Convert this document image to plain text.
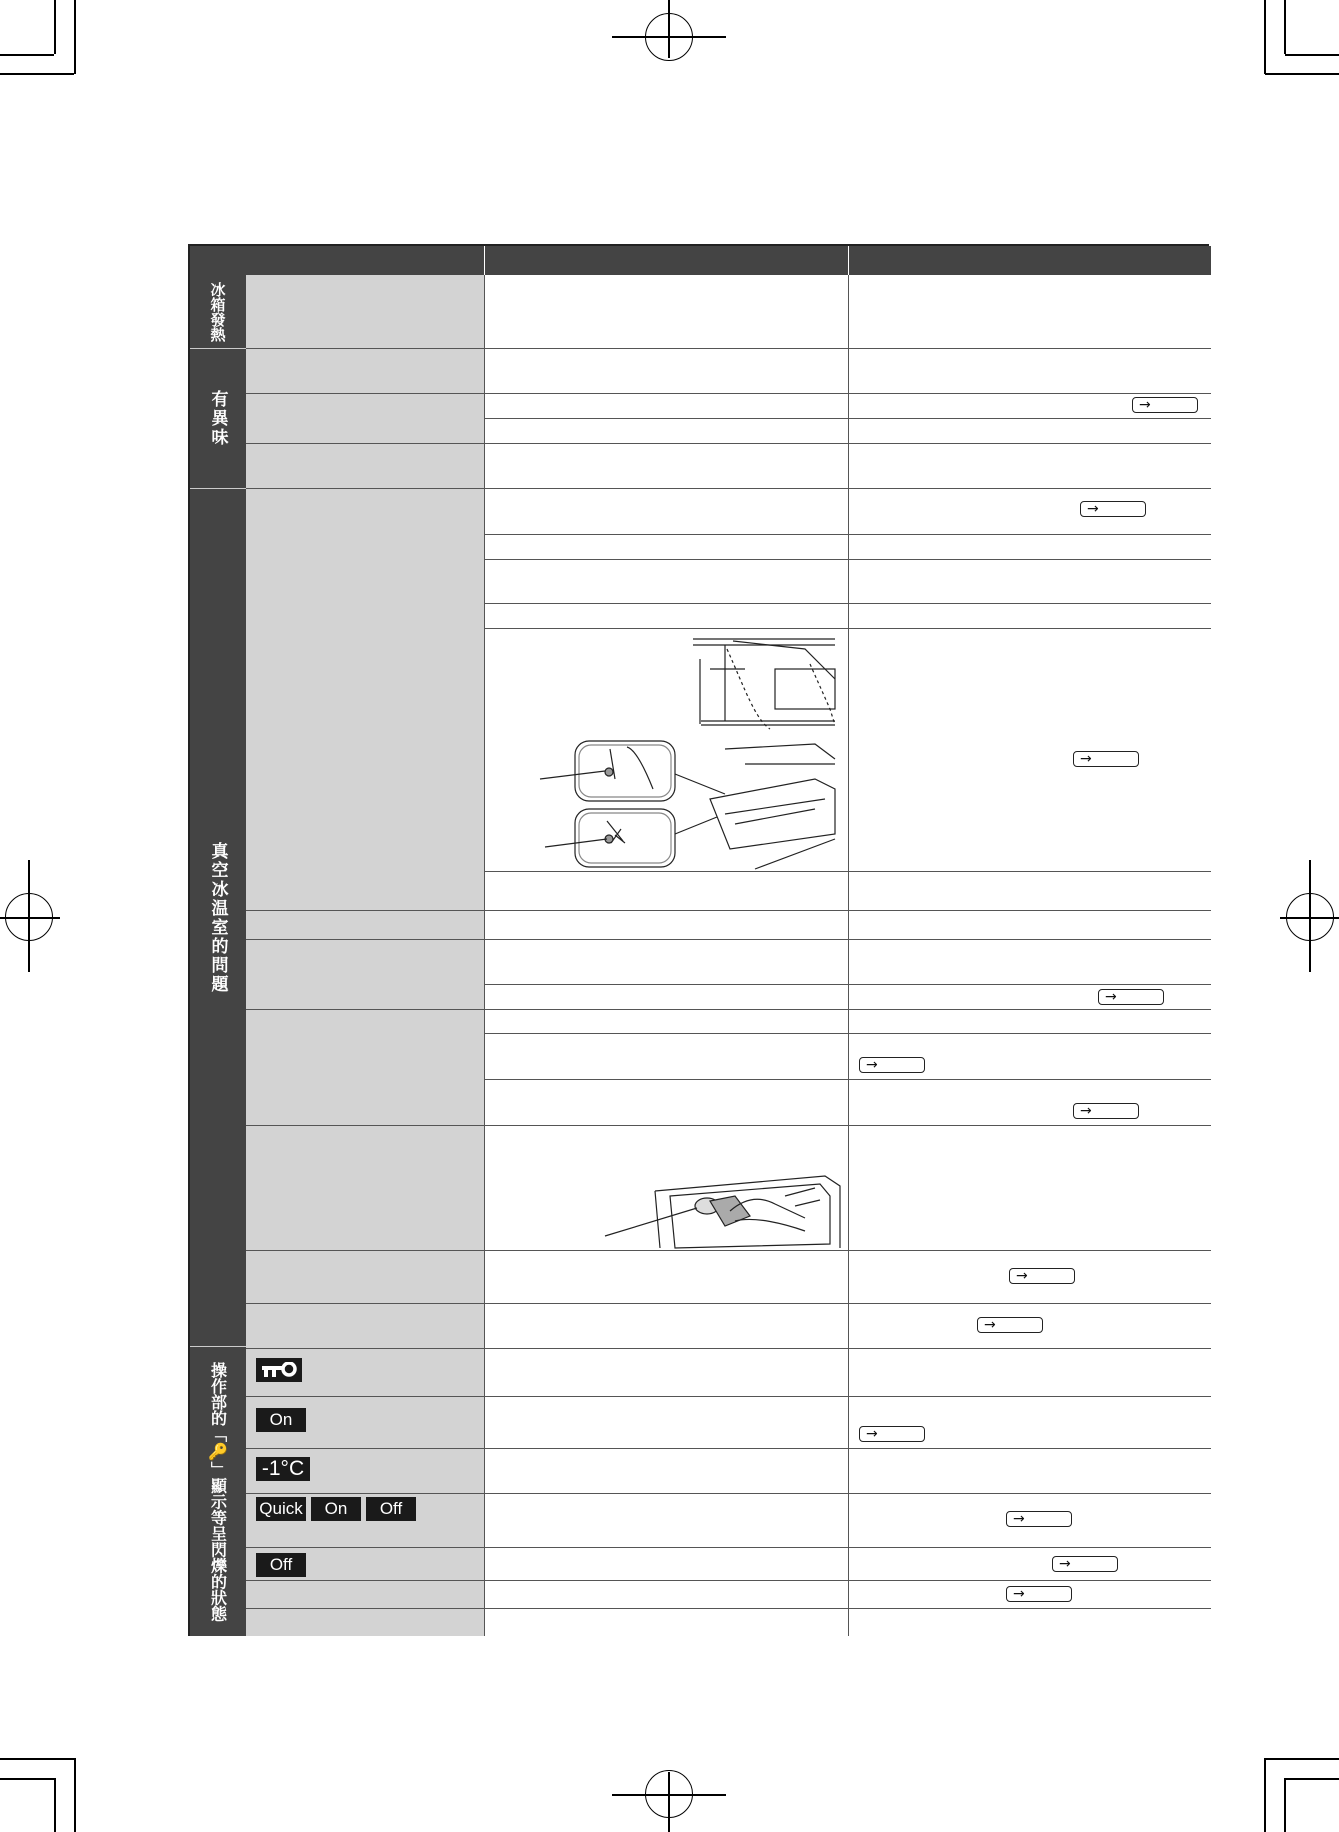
冰箱發熱
有異味
真空冰温室的問題
操作部的「🔑」顯示等呈閃爍的狀態
→
→
→
→
→
→
→
→
→
→
→
→
On
-1°C
Quick	On	Off
Off
